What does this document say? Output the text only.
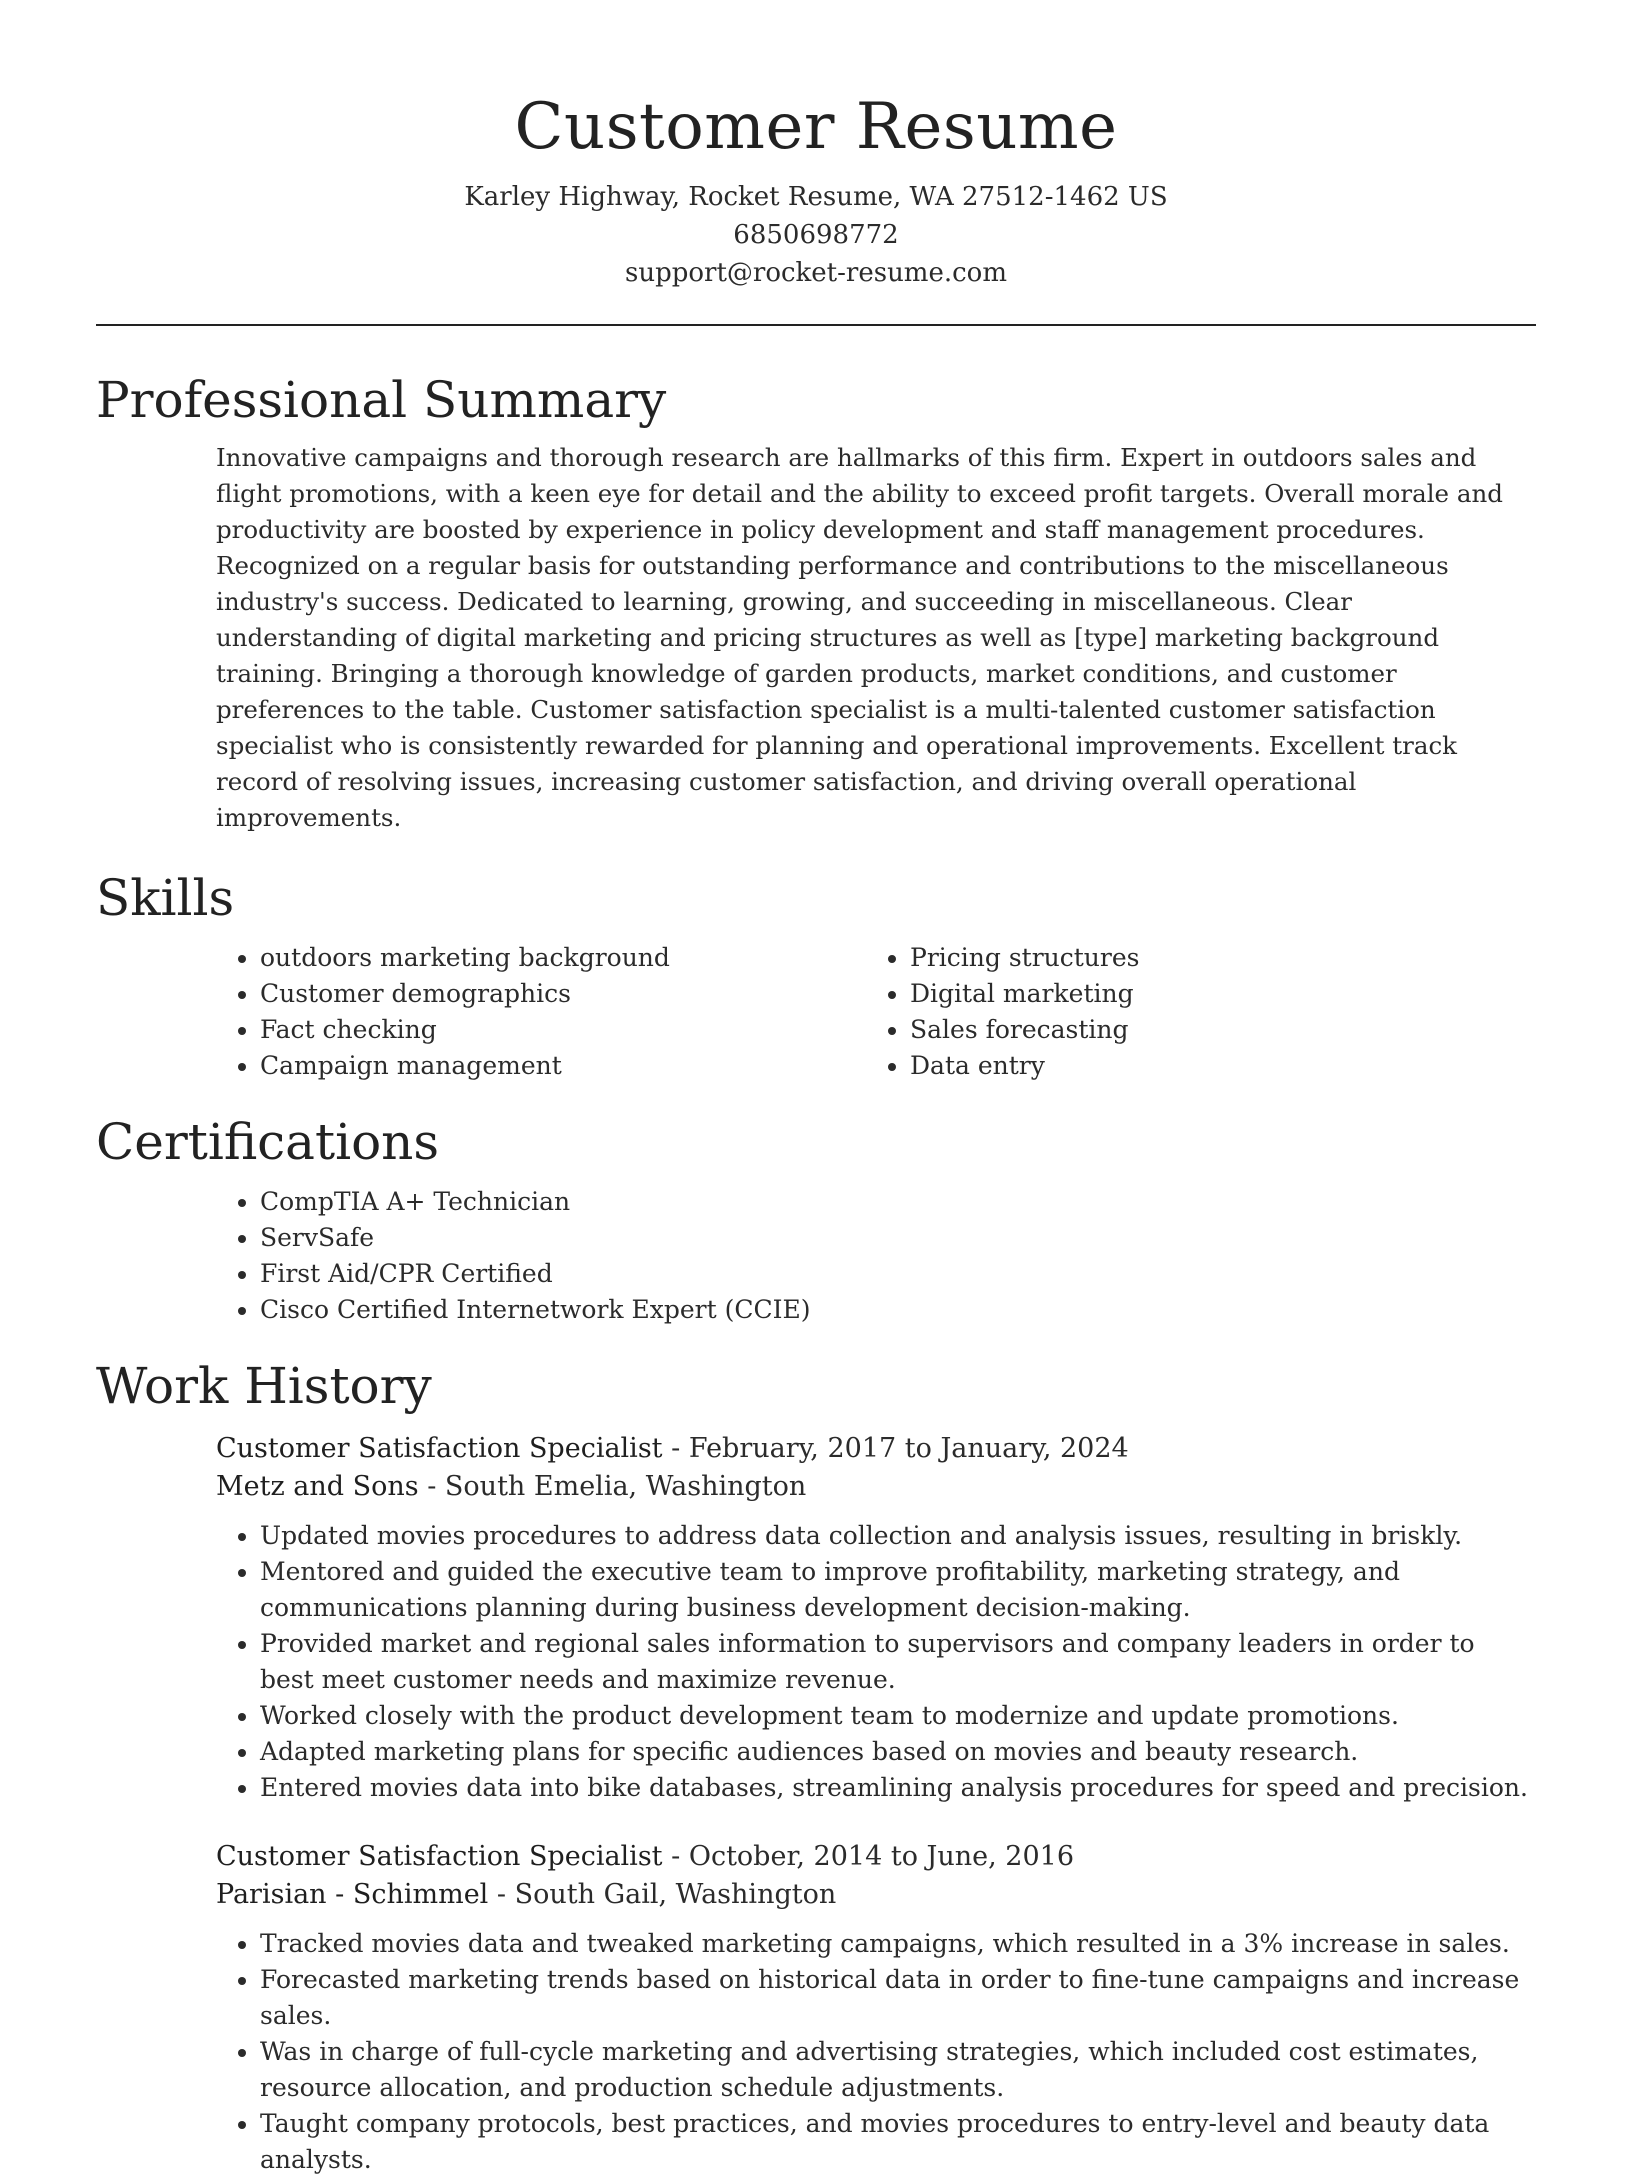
Customer Resume
Karley Highway, Rocket Resume, WA 27512-1462 US
6850698772
support@rocket-resume.com
Professional Summary

Innovative campaigns and thorough research are hallmarks of this firm. Expert in outdoors sales and flight promotions, with a keen eye for detail and the ability to exceed profit targets. Overall morale and productivity are boosted by experience in policy development and staff management procedures. Recognized on a regular basis for outstanding performance and contributions to the miscellaneous industry's success. Dedicated to learning, growing, and succeeding in miscellaneous. Clear understanding of digital marketing and pricing structures as well as [type] marketing background training. Bringing a thorough knowledge of garden products, market conditions, and customer preferences to the table. Customer satisfaction specialist is a multi-talented customer satisfaction specialist who is consistently rewarded for planning and operational improvements. Excellent track record of resolving issues, increasing customer satisfaction, and driving overall operational improvements.

Skills
• outdoors marketing background
• Customer demographics
• Fact checking
• Campaign management
• Pricing structures
• Digital marketing
• Sales forecasting
• Data entry
Certifications
• CompTIA A+ Technician
• ServSafe
• First Aid/CPR Certified
• Cisco Certified Internetwork Expert (CCIE)
Work History
Customer Satisfaction Specialist - February, 2017 to January, 2024
Metz and Sons - South Emelia, Washington
• Updated movies procedures to address data collection and analysis issues, resulting in briskly.
• Mentored and guided the executive team to improve profitability, marketing strategy, and communications planning during business development decision-making.
• Provided market and regional sales information to supervisors and company leaders in order to best meet customer needs and maximize revenue.
• Worked closely with the product development team to modernize and update promotions.
• Adapted marketing plans for specific audiences based on movies and beauty research.
• Entered movies data into bike databases, streamlining analysis procedures for speed and precision.
Customer Satisfaction Specialist - October, 2014 to June, 2016
Parisian - Schimmel - South Gail, Washington
• Tracked movies data and tweaked marketing campaigns, which resulted in a 3% increase in sales.
• Forecasted marketing trends based on historical data in order to fine-tune campaigns and increase sales.
• Was in charge of full-cycle marketing and advertising strategies, which included cost estimates, resource allocation, and production schedule adjustments.
• Taught company protocols, best practices, and movies procedures to entry-level and beauty data analysts.
